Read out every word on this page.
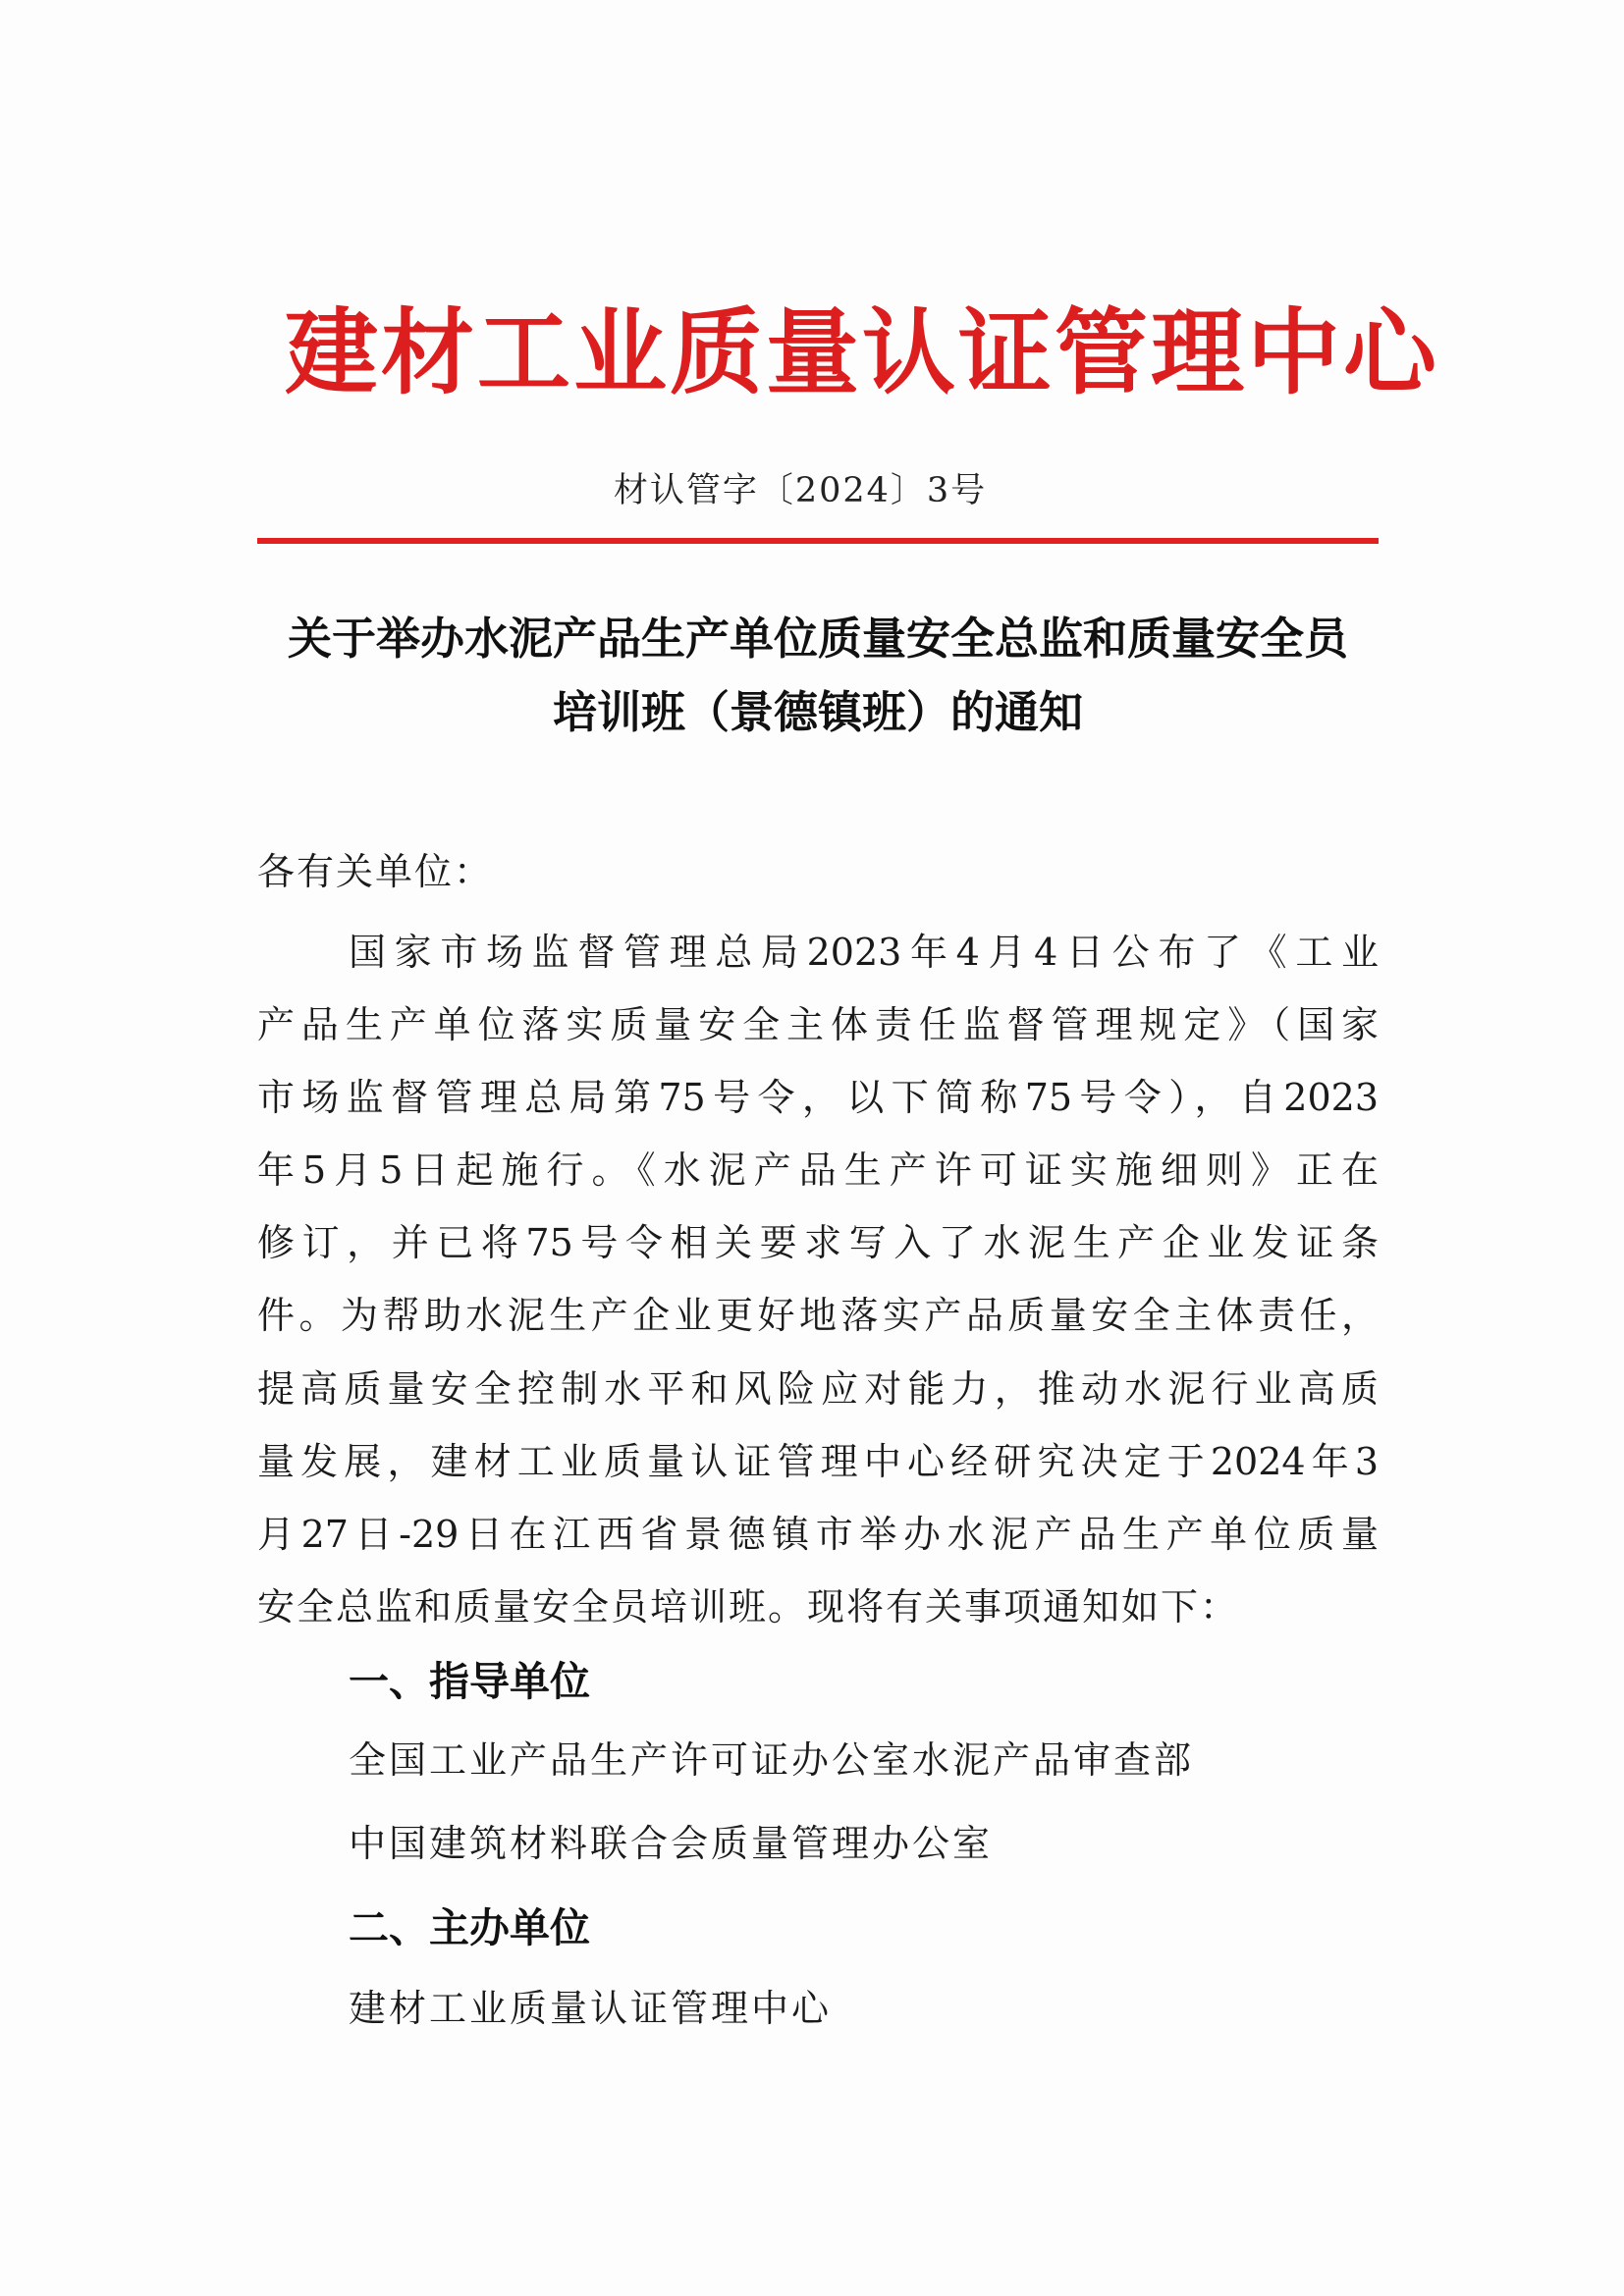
建材工业质量认证管理中心
材认管字〔2024〕3号
关于举办水泥产品生产单位质量安全总监和质量安全员
培训班（景德镇班）的通知
各有关单位：
国家市场监督管理总局2023年4月4日公布了《工业
产品生产单位落实质量安全主体责任监督管理规定》（国家
市场监督管理总局第75号令，以下简称75号令），自2023
年5月5日起施行。《水泥产品生产许可证实施细则》正在
修订，并已将75号令相关要求写入了水泥生产企业发证条
件。为帮助水泥生产企业更好地落实产品质量安全主体责任，
提高质量安全控制水平和风险应对能力，推动水泥行业高质
量发展，建材工业质量认证管理中心经研究决定于2024年3
月27日-29日在江西省景德镇市举办水泥产品生产单位质量
安全总监和质量安全员培训班。现将有关事项通知如下：
一、指导单位
全国工业产品生产许可证办公室水泥产品审查部
中国建筑材料联合会质量管理办公室
二、主办单位
建材工业质量认证管理中心
